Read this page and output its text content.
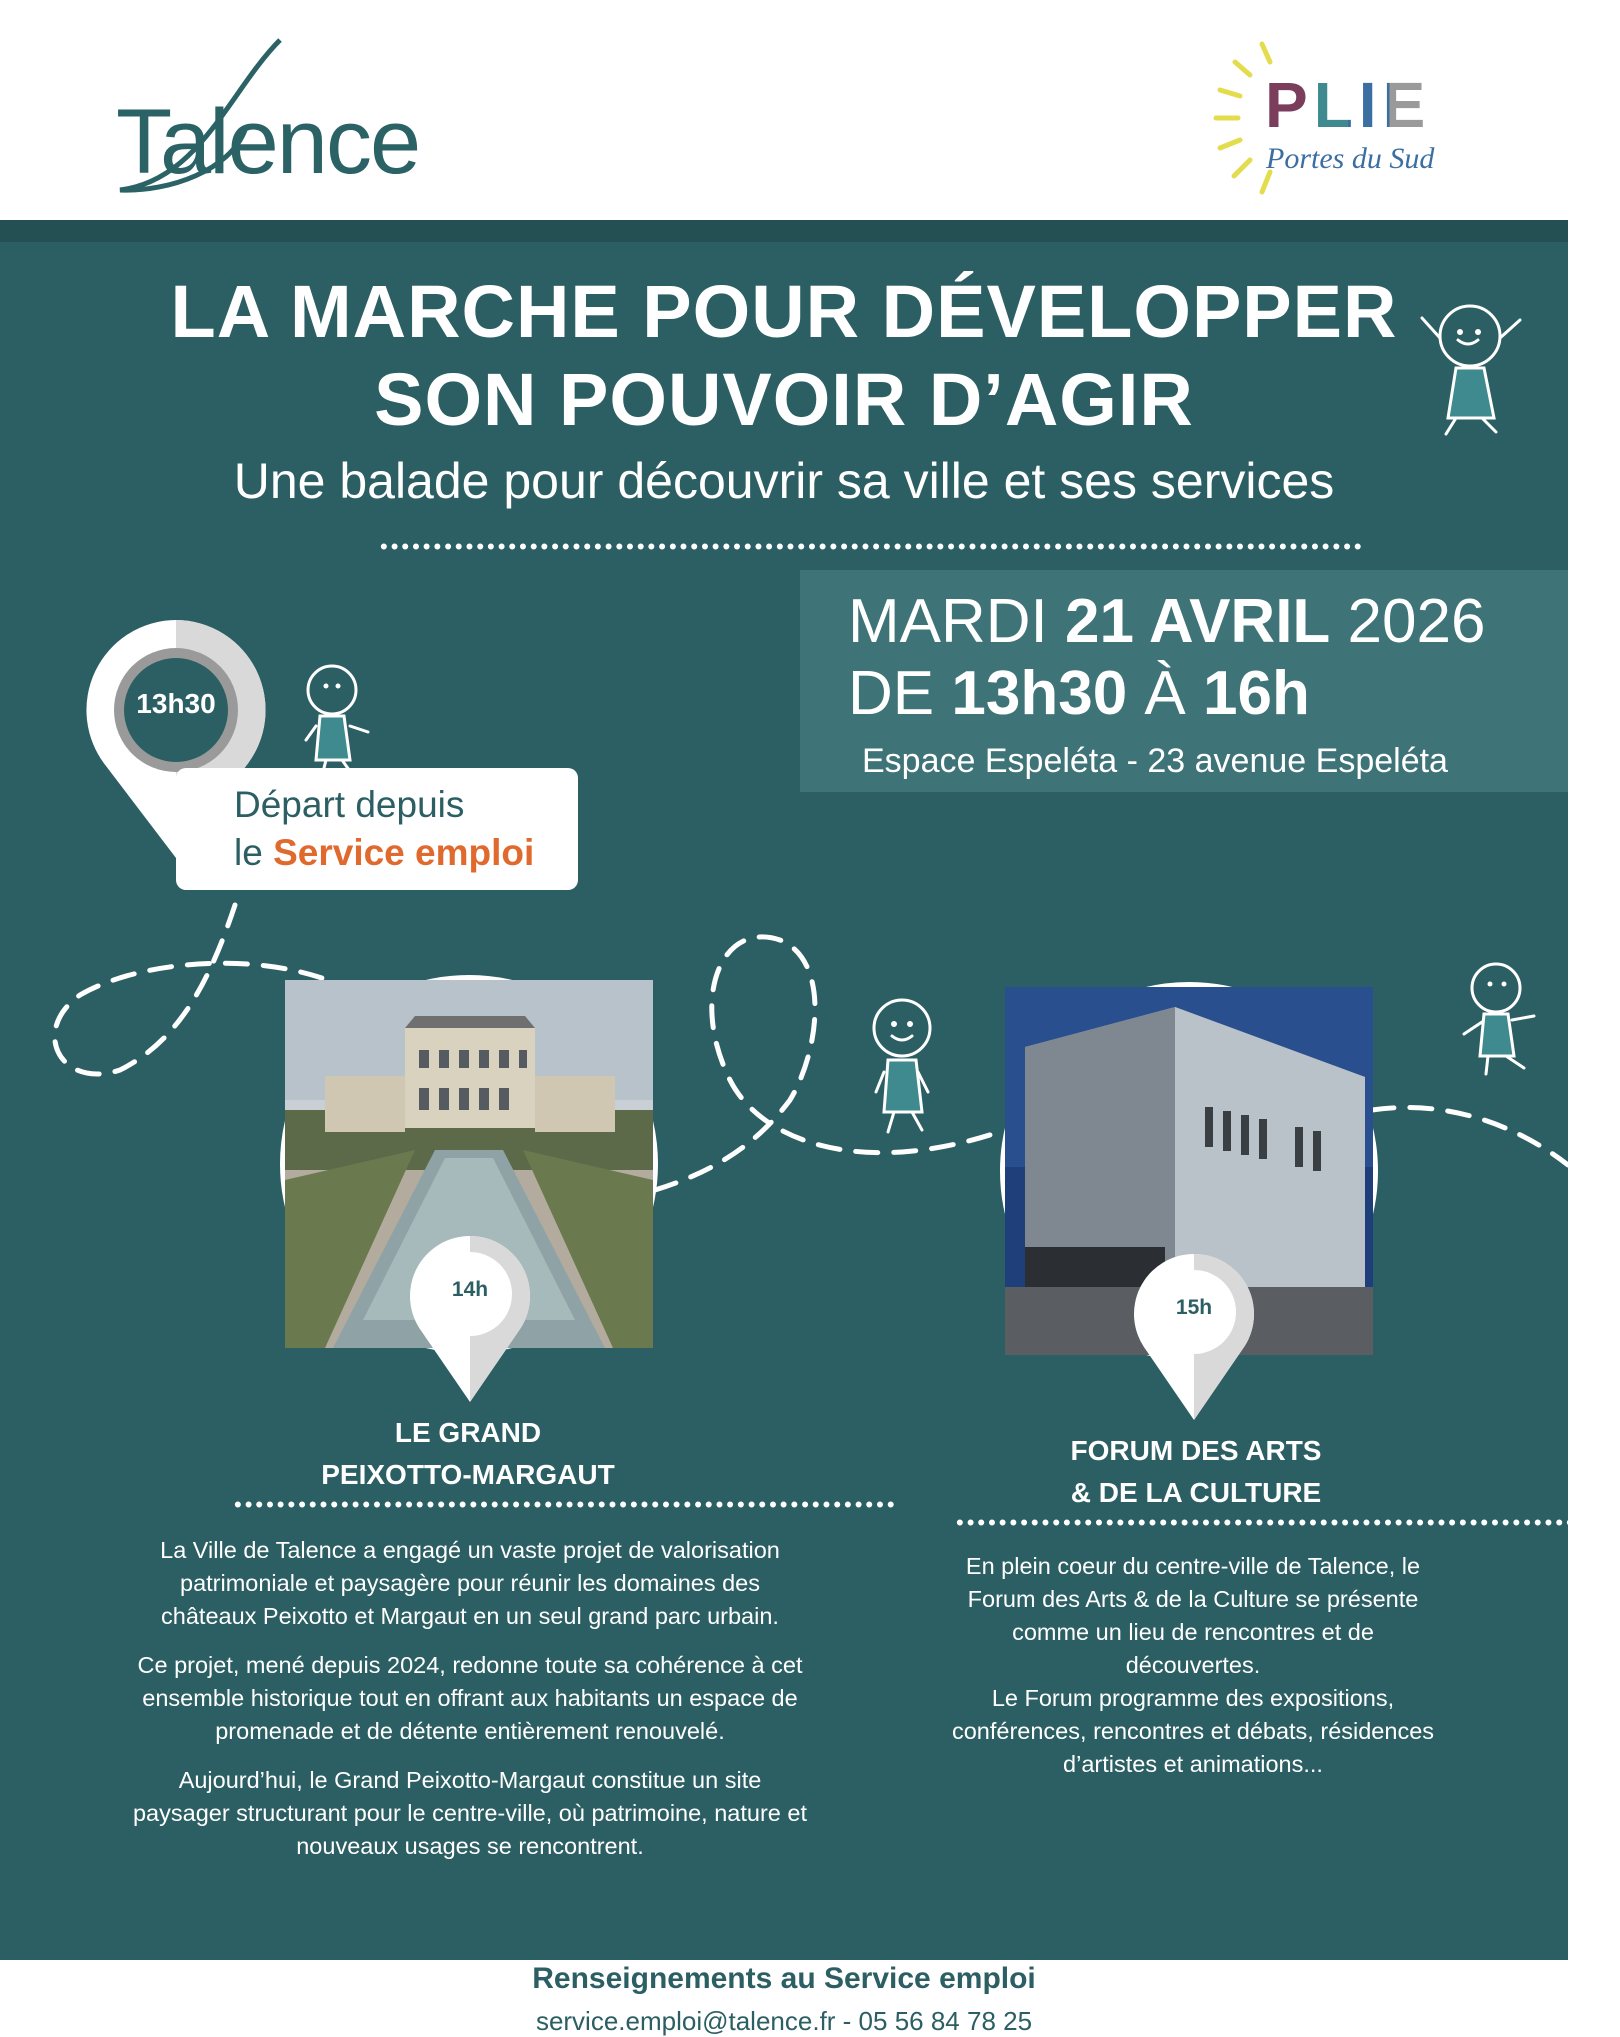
Talence	PLIE
Portes du Sud
LA MARCHE POUR DÉVELOPPER
SON POUVOIR D’AGIR
Une balade pour découvrir sa ville et ses services
••••••••••••••••••••••••••••••••••••••••••••••••••••••••••••••••••••••••••••••••••••••••••••
MARDI 21 AVRIL 2026
DE 13h30 À 16h
Espace Espeléta - 23 avenue Espeléta
13h30
Départ depuis
le Service emploi
14h
15h
LE GRAND
PEIXOTTO-MARGAUT
••••••••••••••••••••••••••••••••••••••••••••••••••••••••••••••

La Ville de Talence a engagé un vaste projet de valorisation patrimoniale et paysagère pour réunir les domaines des châteaux Peixotto et Margaut en un seul grand parc urbain.

Ce projet, mené depuis 2024, redonne toute sa cohérence à cet ensemble historique tout en offrant aux habitants un espace de promenade et de détente entièrement renouvelé.

Aujourd’hui, le Grand Peixotto-Margaut constitue un site paysager structurant pour le centre-ville, où patrimoine, nature et nouveaux usages se rencontrent.

FORUM DES ARTS
& DE LA CULTURE
••••••••••••••••••••••••••••••••••••••••••••••••••••••••••••••

En plein coeur du centre-ville de Talence, le Forum des Arts & de la Culture se présente comme un lieu de rencontres et de découvertes.

Le Forum programme des expositions, conférences, rencontres et débats, résidences d’artistes et animations...

Renseignements au Service emploi
service.emploi@talence.fr - 05 56 84 78 25
